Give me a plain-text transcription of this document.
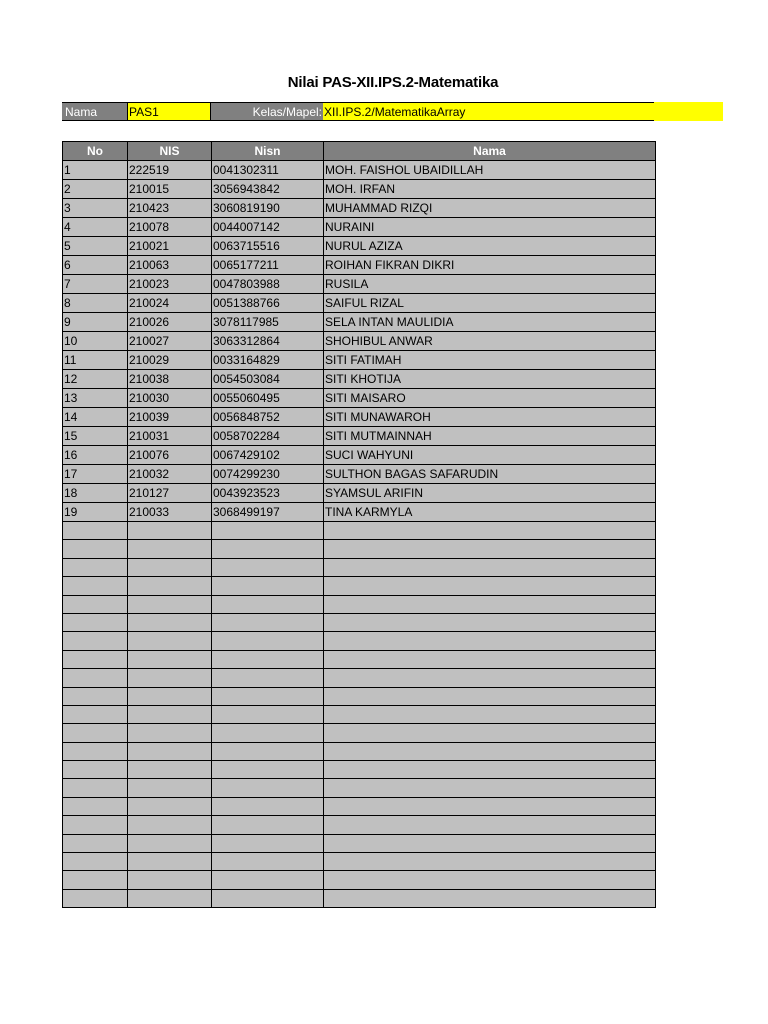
Nilai PAS-XII.IPS.2-Matematika
Nama	PAS1	Kelas/Mapel: XII.IPS.2/MatematikaArray
No	NIS	Nisn	Nama
1	222519	0041302311	MOH. FAISHOL UBAIDILLAH
2	210015	3056943842	MOH. IRFAN
3	210423	3060819190	MUHAMMAD RIZQI
4	210078	0044007142	NURAINI
5	210021	0063715516	NURUL AZIZA
6	210063	0065177211	ROIHAN FIKRAN DIKRI
7	210023	0047803988	RUSILA
8	210024	0051388766	SAIFUL RIZAL
9	210026	3078117985	SELA INTAN MAULIDIA
10	210027	3063312864	SHOHIBUL ANWAR
11	210029	0033164829	SITI FATIMAH
12	210038	0054503084	SITI KHOTIJA
13	210030	0055060495	SITI MAISARO
14	210039	0056848752	SITI MUNAWAROH
15	210031	0058702284	SITI MUTMAINNAH
16	210076	0067429102	SUCI WAHYUNI
17	210032	0074299230	SULTHON BAGAS SAFARUDIN
18	210127	0043923523	SYAMSUL ARIFIN
19	210033	3068499197	TINA KARMYLA
